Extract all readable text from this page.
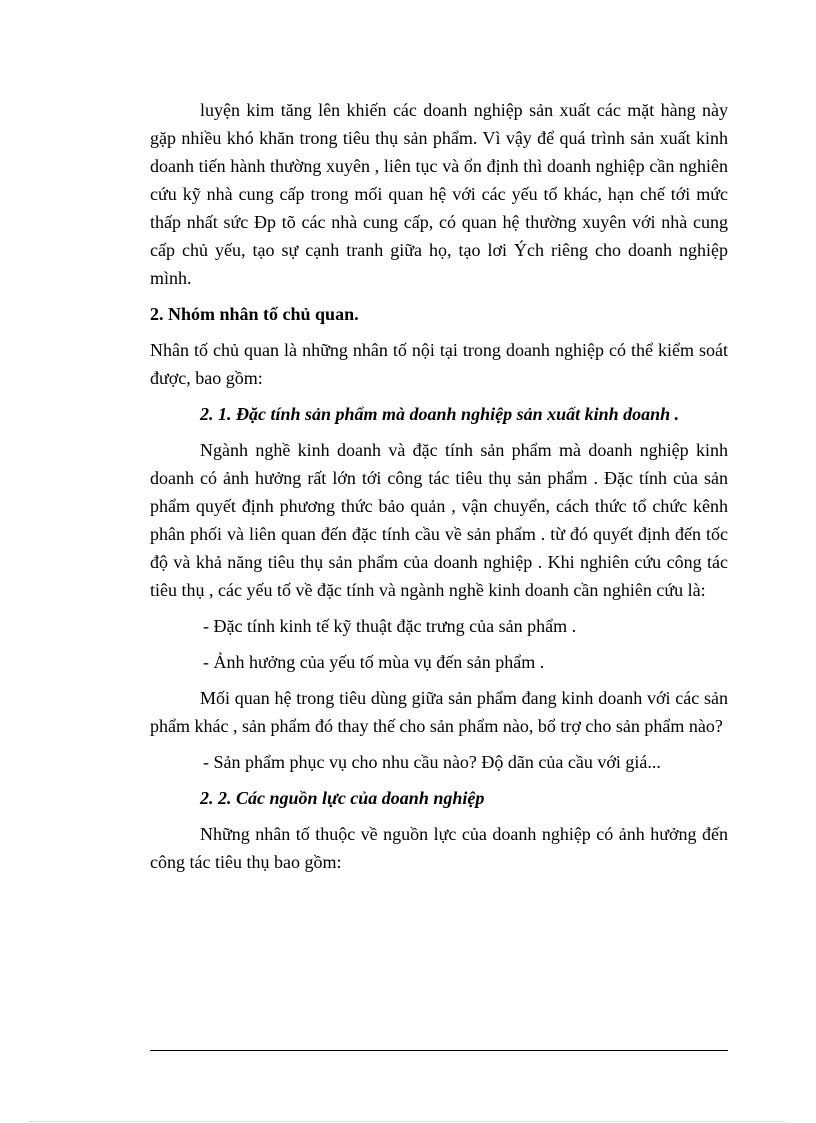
luyện kim tăng lên khiến các doanh nghiệp sản xuất các mặt hàng này gặp nhiều khó khăn trong tiêu thụ sản phẩm. Vì vậy để quá trình sản xuất kinh doanh tiến hành thường xuyên , liên tục và ổn định thì doanh nghiệp cần nghiên cứu kỹ nhà cung cấp trong mối quan hệ với các yếu tố khác, hạn chế tới mức thấp nhất sức Đp tõ các nhà cung cấp, có quan hệ thường xuyên với nhà cung cấp chủ yếu, tạo sự cạnh tranh giữa họ, tạo lơi Ých riêng cho doanh nghiệp mình.

2. Nhóm nhân tố chủ quan.

Nhân tố chủ quan là những nhân tố nội tại trong doanh nghiệp có thể kiểm soát được, bao gồm:

2. 1. Đặc tính sản phẩm mà doanh nghiệp sản xuất kinh doanh .

Ngành nghề kinh doanh và đặc tính sản phẩm mà doanh nghiệp kinh doanh có ảnh hưởng rất lớn tới công tác tiêu thụ sản phẩm . Đặc tính của sản phẩm quyết định phương thức bảo quản , vận chuyển, cách thức tổ chức kênh phân phối và liên quan đến đặc tính cầu về sản phẩm . từ đó quyết định đến tốc độ và khả năng tiêu thụ sản phẩm của doanh nghiệp . Khi nghiên cứu công tác tiêu thụ , các yếu tố về đặc tính và ngành nghề kinh doanh cần nghiên cứu là:

- Đặc tính kinh tế kỹ thuật đặc trưng của sản phẩm .

- Ảnh hưởng của yếu tố mùa vụ đến sản phẩm .

Mối quan hệ trong tiêu dùng giữa sản phẩm đang kinh doanh với các sản phẩm khác , sản phẩm đó thay thế cho sản phẩm nào, bổ trợ cho sản phẩm nào?

- Sản phẩm phục vụ cho nhu cầu nào? Độ dãn của cầu với giá...

2. 2. Các nguồn lực của doanh nghiệp

Những nhân tố thuộc về nguồn lực của doanh nghiệp có ảnh hưởng đến công tác tiêu thụ bao gồm:
